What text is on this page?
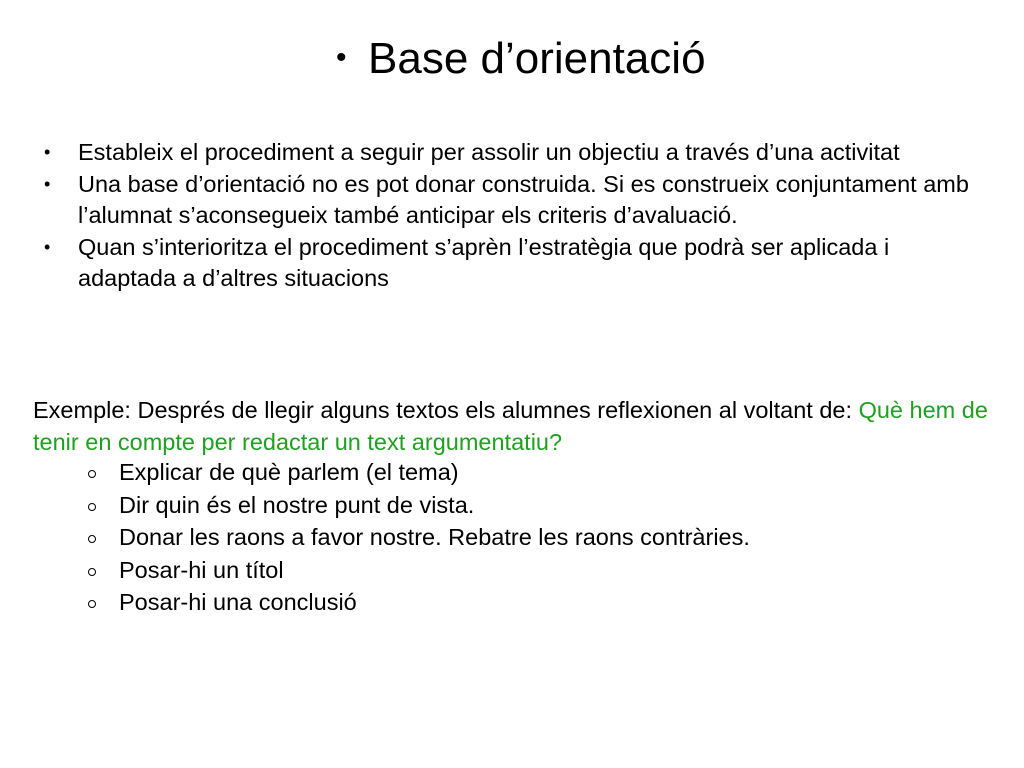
• Base d’orientació
• Estableix el procediment a seguir per assolir un objectiu a través d’una activitat
• Una base d’orientació no es pot donar construida. Si es construeix conjuntament amb l’alumnat s’aconsegueix també anticipar els criteris d’avaluació.
• Quan s’interioritza el procediment s’aprèn l’estratègia que podrà ser aplicada i adaptada a d’altres situacions
Exemple: Després de llegir alguns textos els alumnes reflexionen al voltant de: Què hem de tenir en compte per redactar un text argumentatiu?
Explicar de què parlem (el tema)
Dir quin és el nostre punt de vista.
Donar les raons a favor nostre. Rebatre les raons contràries.
Posar-hi un títol
Posar-hi una conclusió
